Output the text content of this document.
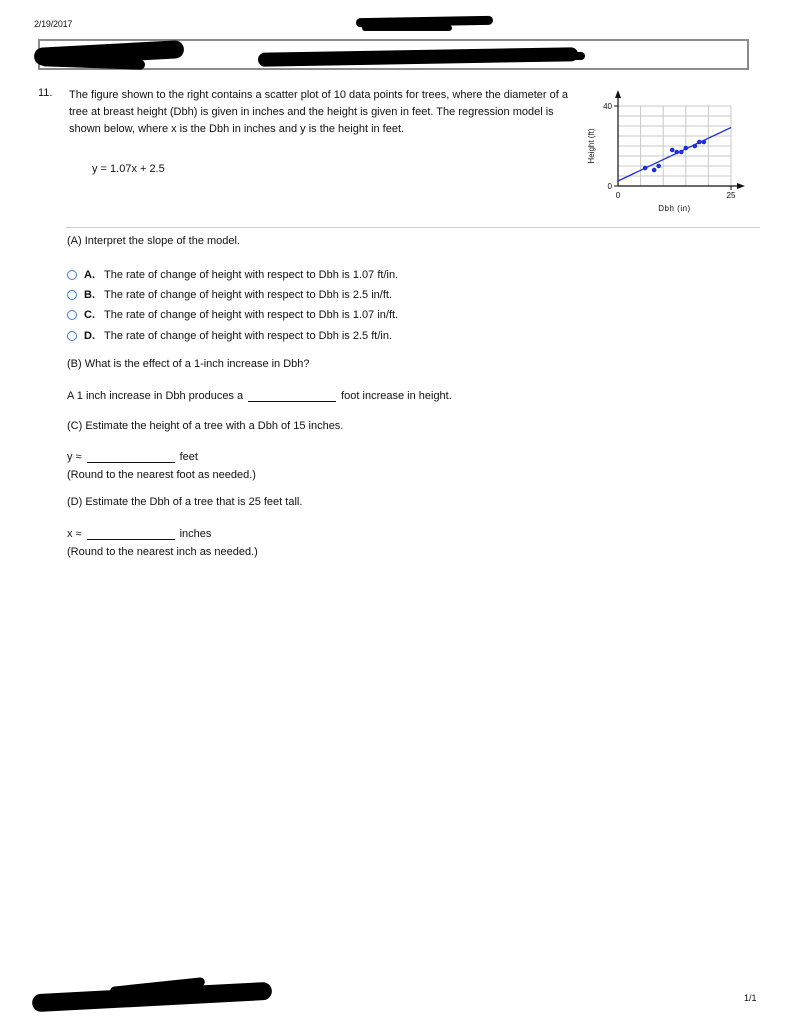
2/19/2017
11. The figure shown to the right contains a scatter plot of 10 data points for trees, where the diameter of a tree at breast height (Dbh) is given in inches and the height is given in feet. The regression model is shown below, where x is the Dbh in inches and y is the height in feet.
y = 1.07x + 2.5
40
0
0	25
Dbh (in)
Height (ft)
(A) Interpret the slope of the model.
A. The rate of change of height with respect to Dbh is 1.07 ft/in.
B. The rate of change of height with respect to Dbh is 2.5 in/ft.
C. The rate of change of height with respect to Dbh is 1.07 in/ft.
D. The rate of change of height with respect to Dbh is 2.5 ft/in.
(B) What is the effect of a 1-inch increase in Dbh?
A 1 inch increase in Dbh produces a	foot increase in height.
(C) Estimate the height of a tree with a Dbh of 15 inches.
y ≈	feet
(Round to the nearest foot as needed.)
(D) Estimate the Dbh of a tree that is 25 feet tall.
x ≈	inches
(Round to the nearest inch as needed.)
1/1
